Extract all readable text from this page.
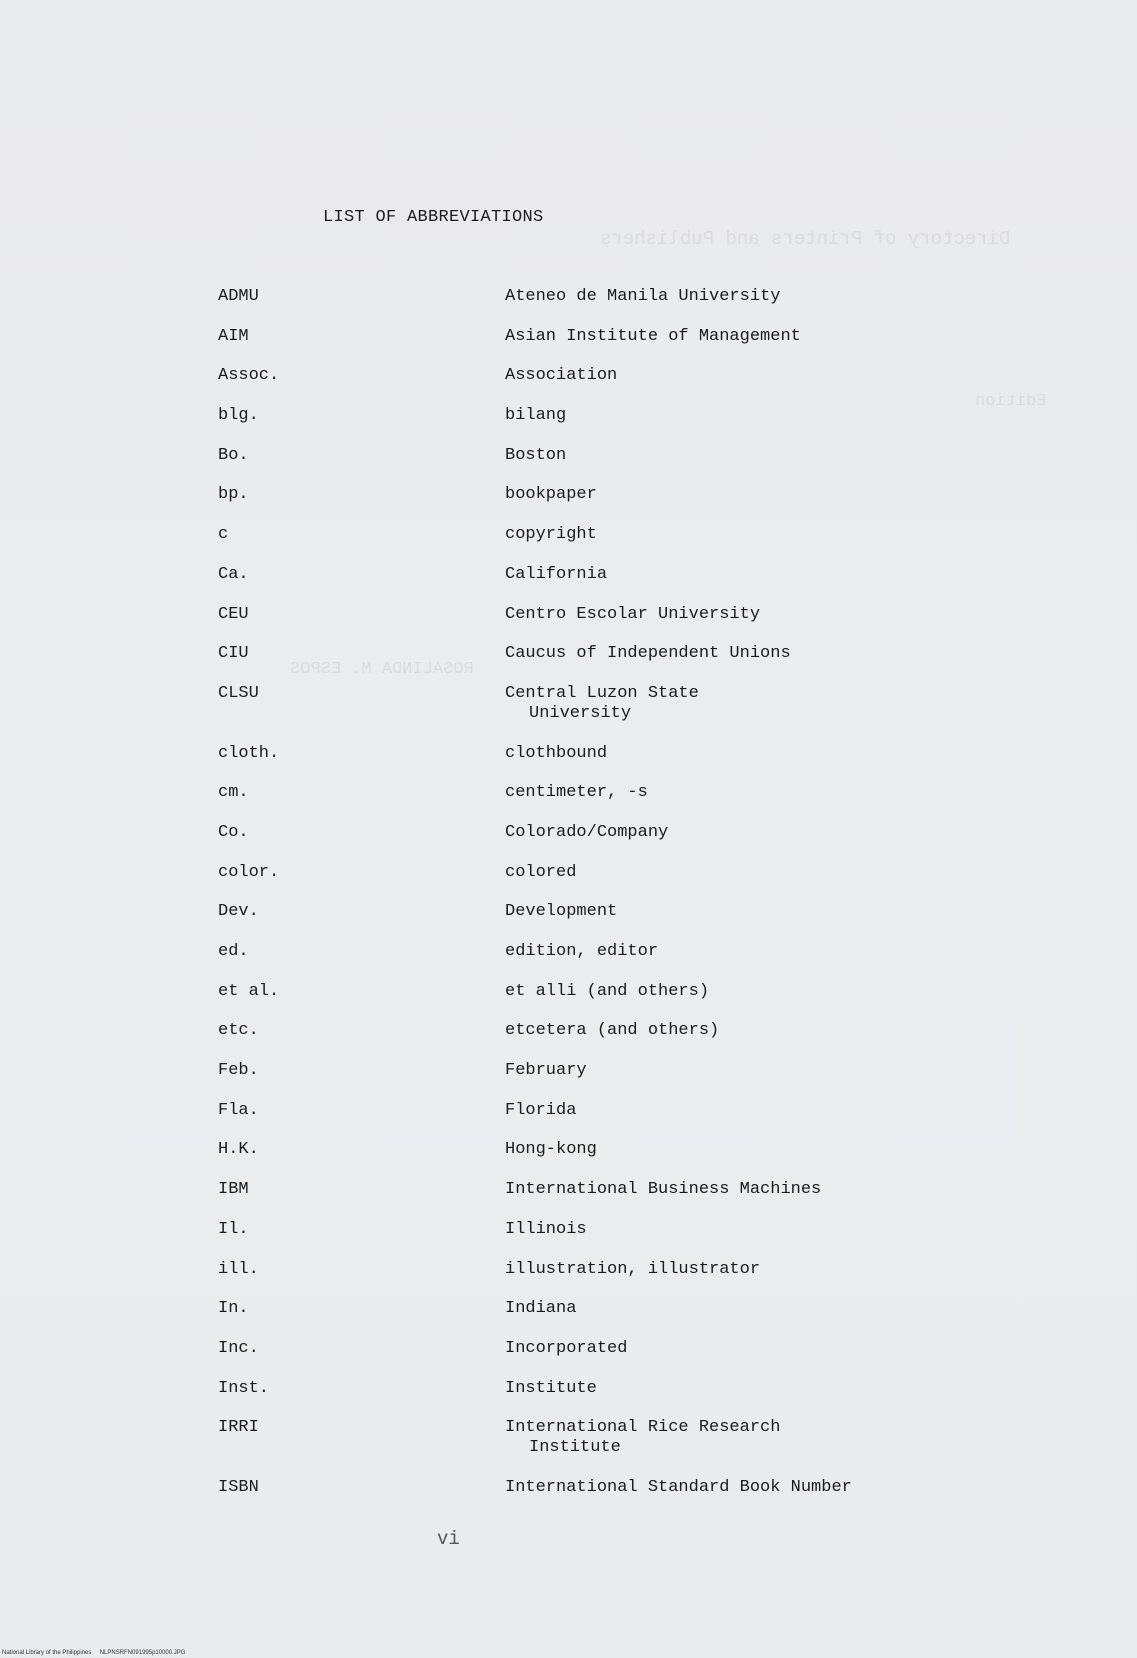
Directory of Printers and Publishers
Edition
ROSALINDA M. ESPOS
LIST OF ABBREVIATIONS
ADMU	Ateneo de Manila University
AIM	Asian Institute of Management
Assoc.	Association
blg.	bilang
Bo.	Boston
bp.	bookpaper
c	copyright
Ca.	California
CEU	Centro Escolar University
CIU	Caucus of Independent Unions
CLSU	Central Luzon State
University
cloth.	clothbound
cm.	centimeter, -s
Co.	Colorado/Company
color.	colored
Dev.	Development
ed.	edition, editor
et al.	et alli (and others)
etc.	etcetera (and others)
Feb.	February
Fla.	Florida
H.K.	Hong-kong
IBM	International Business Machines
Il.	Illinois
ill.	illustration, illustrator
In.	Indiana
Inc.	Incorporated
Inst.	Institute
IRRI	International Rice Research
Institute
ISBN	International Standard Book Number
vi
National Library of the Philippines     NLPNSRFN091995p10000.JPG
